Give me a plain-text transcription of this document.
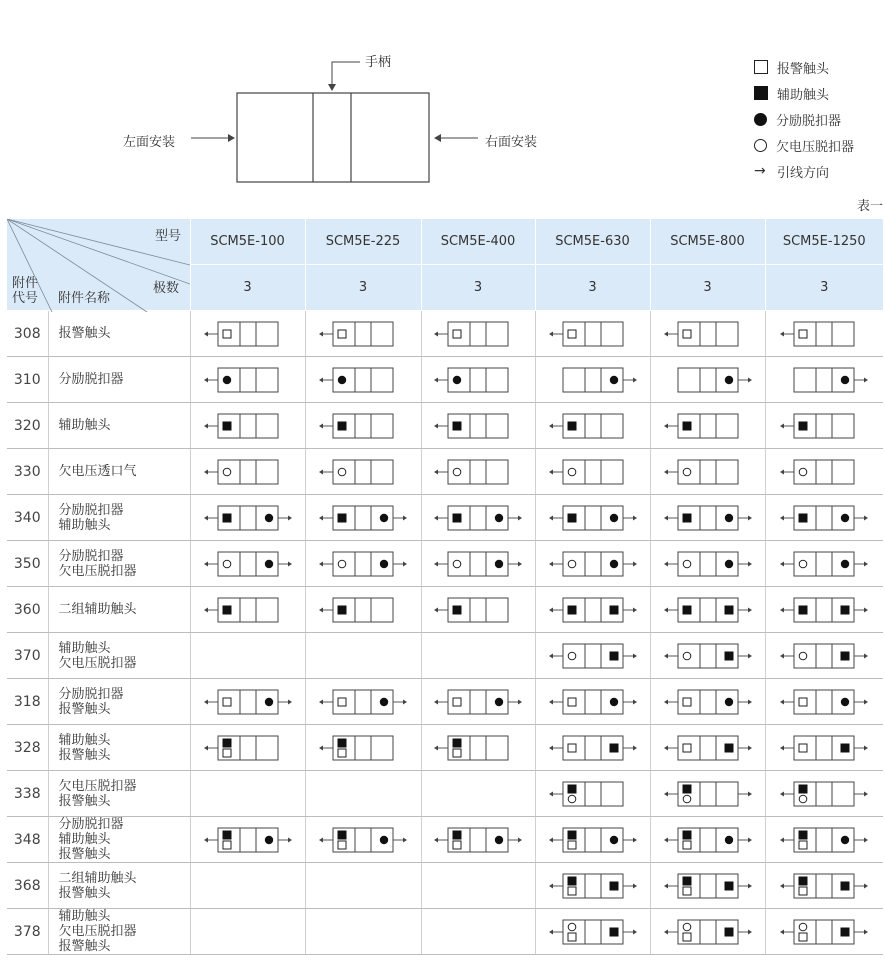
手柄
左面安装	右面安装
报警触头
辅助触头
分励脱扣器
欠电压脱扣器
→ 引线方向
表一
型号
极数
附件
代号 附件名称		SCM5E-100	SCM5E-225	SCM5E-400	SCM5E-630	SCM5E-800	SCM5E-1250
		3	3	3	3	3	3
308	报警触头

310	分励脱扣器

320	辅助触头

330	欠电压透口气

340	分励脱扣器
辅助触头

350	分励脱扣器
欠电压脱扣器

360	二组辅助触头

370	辅助触头
欠电压脱扣器

318	分励脱扣器
报警触头

328	辅助触头
报警触头

338	欠电压脱扣器
报警触头

348	分励脱扣器
辅助触头
报警触头

368	二组辅助触头
报警触头

378	辅助触头
欠电压脱扣器
报警触头
